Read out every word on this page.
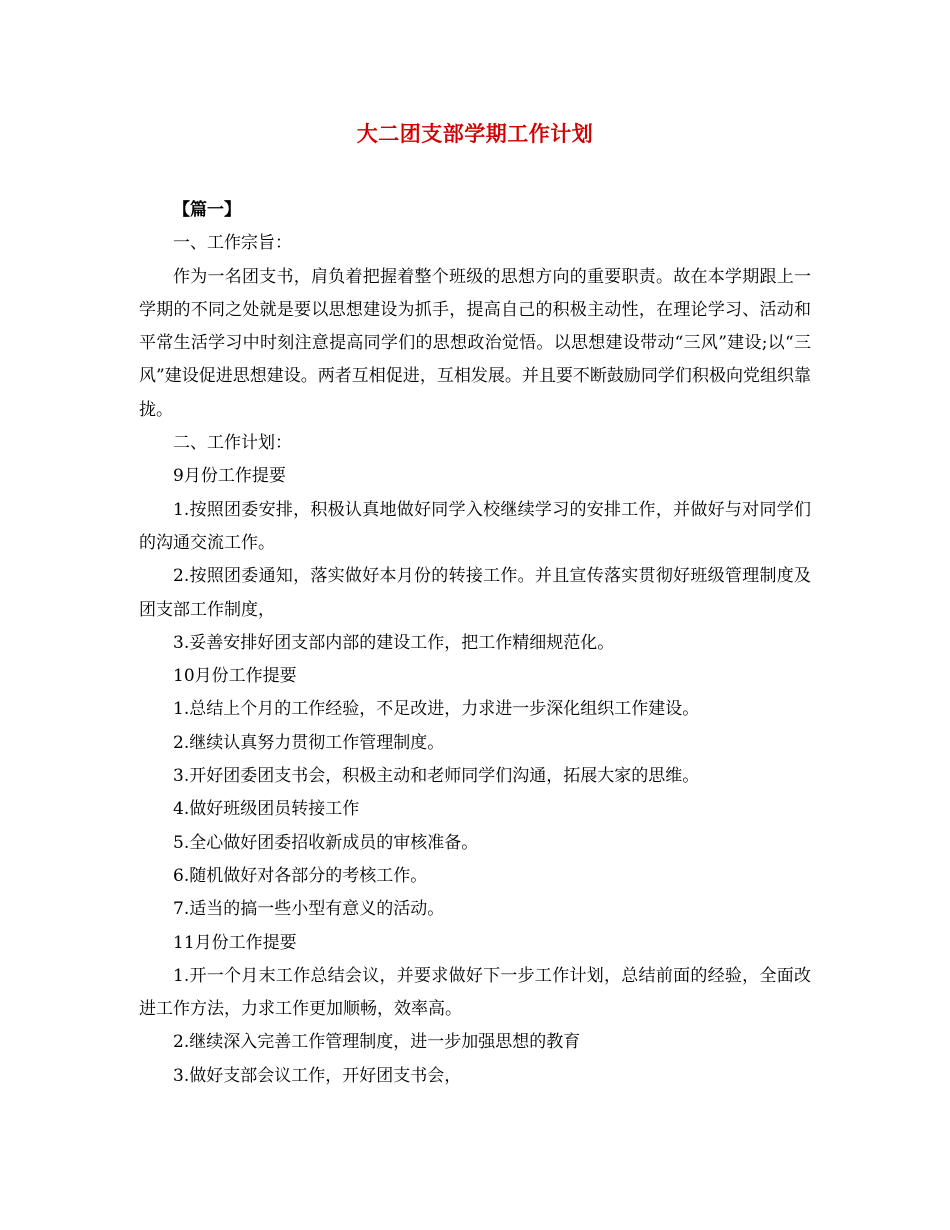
大二团支部学期工作计划

【篇一】

一、工作宗旨：

作为一名团支书，肩负着把握着整个班级的思想方向的重要职责。故在本学期跟上一学期的不同之处就是要以思想建设为抓手，提高自己的积极主动性，在理论学习、活动和平常生活学习中时刻注意提高同学们的思想政治觉悟。以思想建设带动“三风”建设;以“三风”建设促进思想建设。两者互相促进，互相发展。并且要不断鼓励同学们积极向党组织靠拢。

二、工作计划：

9月份工作提要

1.按照团委安排，积极认真地做好同学入校继续学习的安排工作，并做好与对同学们的沟通交流工作。

2.按照团委通知，落实做好本月份的转接工作。并且宣传落实贯彻好班级管理制度及团支部工作制度，

3.妥善安排好团支部内部的建设工作，把工作精细规范化。

10月份工作提要

1.总结上个月的工作经验，不足改进，力求进一步深化组织工作建设。

2.继续认真努力贯彻工作管理制度。

3.开好团委团支书会，积极主动和老师同学们沟通，拓展大家的思维。

4.做好班级团员转接工作

5.全心做好团委招收新成员的审核准备。

6.随机做好对各部分的考核工作。

7.适当的搞一些小型有意义的活动。

11月份工作提要

1.开一个月末工作总结会议，并要求做好下一步工作计划，总结前面的经验，全面改进工作方法，力求工作更加顺畅，效率高。

2.继续深入完善工作管理制度，进一步加强思想的教育

3.做好支部会议工作，开好团支书会，
